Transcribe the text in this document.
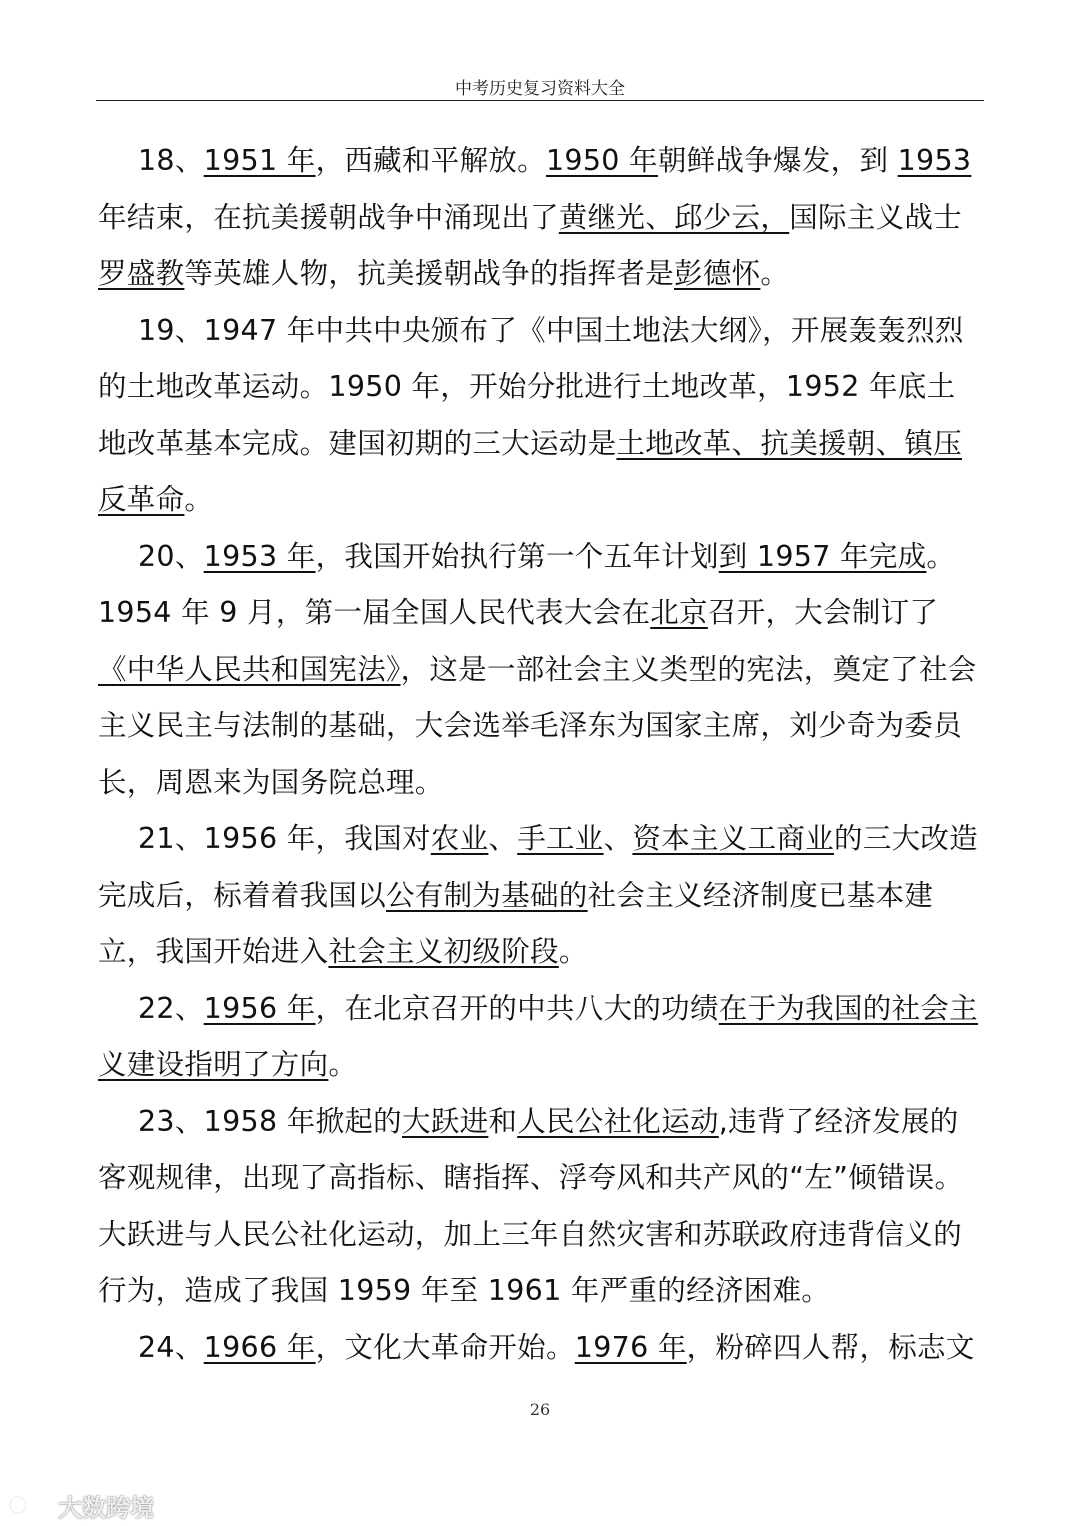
中考历史复习资料大全

18、1951 年，西藏和平解放。1950 年朝鲜战争爆发，到 1953年结束，在抗美援朝战争中涌现出了黄继光、邱少云，国际主义战士罗盛教等英雄人物，抗美援朝战争的指挥者是彭德怀。

19、1947 年中共中央颁布了《中国土地法大纲》，开展轰轰烈烈的土地改革运动。1950 年，开始分批进行土地改革，1952 年底土地改革基本完成。建国初期的三大运动是土地改革、抗美援朝、镇压反革命。

20、1953 年，我国开始执行第一个五年计划到 1957 年完成。1954 年 9 月，第一届全国人民代表大会在北京召开，大会制订了《中华人民共和国宪法》，这是一部社会主义类型的宪法，奠定了社会主义民主与法制的基础，大会选举毛泽东为国家主席，刘少奇为委员长，周恩来为国务院总理。

21、1956 年，我国对农业、手工业、资本主义工商业的三大改造完成后，标着着我国以公有制为基础的社会主义经济制度已基本建立，我国开始进入社会主义初级阶段。

22、1956 年，在北京召开的中共八大的功绩在于为我国的社会主义建设指明了方向。

23、1958 年掀起的大跃进和人民公社化运动,违背了经济发展的客观规律，出现了高指标、瞎指挥、浮夸风和共产风的“左”倾错误。大跃进与人民公社化运动，加上三年自然灾害和苏联政府违背信义的行为，造成了我国 1959 年至 1961 年严重的经济困难。

24、1966 年，文化大革命开始。1976 年，粉碎四人帮，标志文

26
大数跨境
